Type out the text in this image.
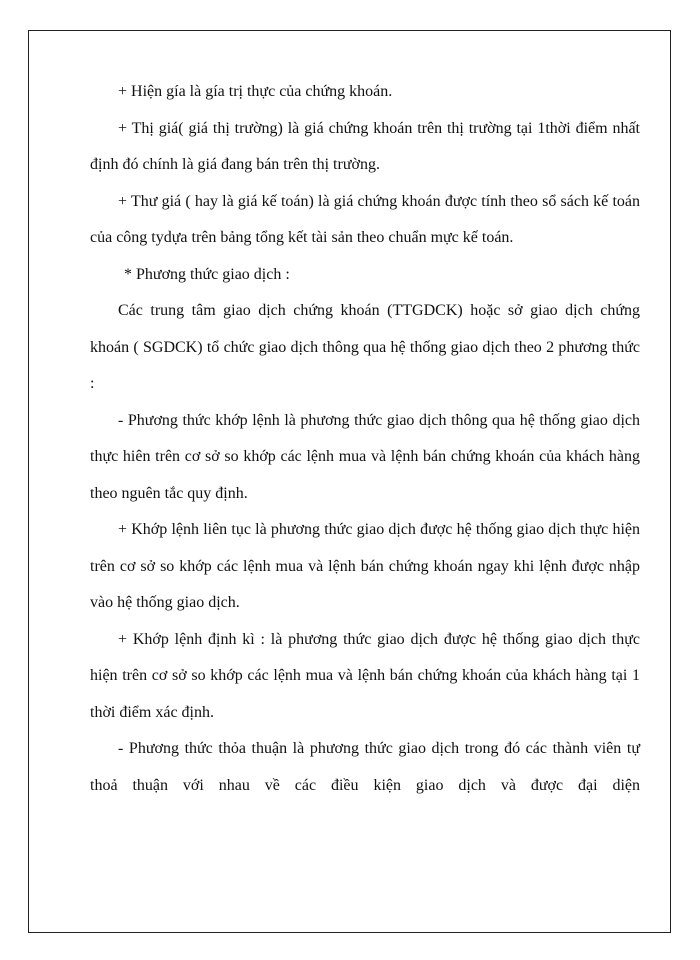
+ Hiện gía là gía trị thực của chứng khoán.

+ Thị giá( giá thị trường) là giá chứng khoán trên thị trường tại 1thời điểm nhất định đó chính là giá đang bán trên thị trường.

+ Thư giá ( hay là giá kế toán) là giá chứng khoán được tính theo sổ sách kế toán của công tydựa trên bảng tổng kết tài sản theo chuẩn mực kế toán.

* Phương thức giao dịch :

Các trung tâm giao dịch chứng khoán (TTGDCK) hoặc sở giao dịch chứng khoán ( SGDCK) tổ chức giao dịch thông qua hệ thống giao dịch theo 2 phương thức :

- Phương thức khớp lệnh là phương thức giao dịch thông qua hệ thống giao dịch thực hiên trên cơ sở so khớp các lệnh mua và lệnh bán chứng khoán của khách hàng theo nguên tắc quy định.

+ Khớp lệnh liên tục là phương thức giao dịch được hệ thống giao dịch thực hiện trên cơ sở so khớp các lệnh mua và lệnh bán chứng khoán ngay khi lệnh được nhập vào hệ thống giao dịch.

+ Khớp lệnh định kì : là phương thức giao dịch được hệ thống giao dịch thực hiện trên cơ sở so khớp các lệnh mua và lệnh bán chứng khoán của khách hàng tại 1 thời điểm xác định.

- Phương thức thỏa thuận là phương thức giao dịch trong đó các thành viên tự thoả thuận với nhau về các điều kiện giao dịch và được đại diện
